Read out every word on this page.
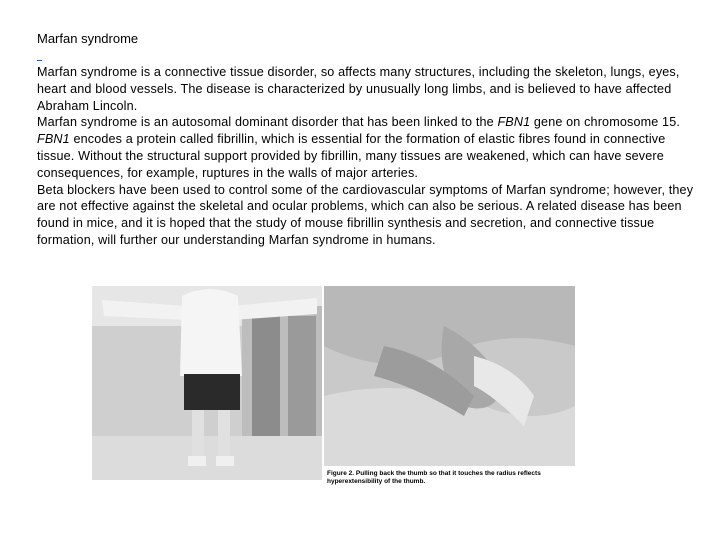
Marfan syndrome

Marfan syndrome is a connective tissue disorder, so affects many structures, including the skeleton, lungs, eyes, heart and blood vessels. The disease is characterized by unusually long limbs, and is believed to have affected Abraham Lincoln.

Marfan syndrome is an autosomal dominant disorder that has been linked to the FBN1 gene on chromosome 15. FBN1 encodes a protein called fibrillin, which is essential for the formation of elastic fibres found in connective tissue. Without the structural support provided by fibrillin, many tissues are weakened, which can have severe consequences, for example, ruptures in the walls of major arteries.

Beta blockers have been used to control some of the cardiovascular symptoms of Marfan syndrome; however, they are not effective against the skeletal and ocular problems, which can also be serious. A related disease has been found in mice, and it is hoped that the study of mouse fibrillin synthesis and secretion, and connective tissue formation, will further our understanding Marfan syndrome in humans.

Figure 2. Pulling back the thumb so that it touches the radius reflects hyperextensibility of the thumb.
